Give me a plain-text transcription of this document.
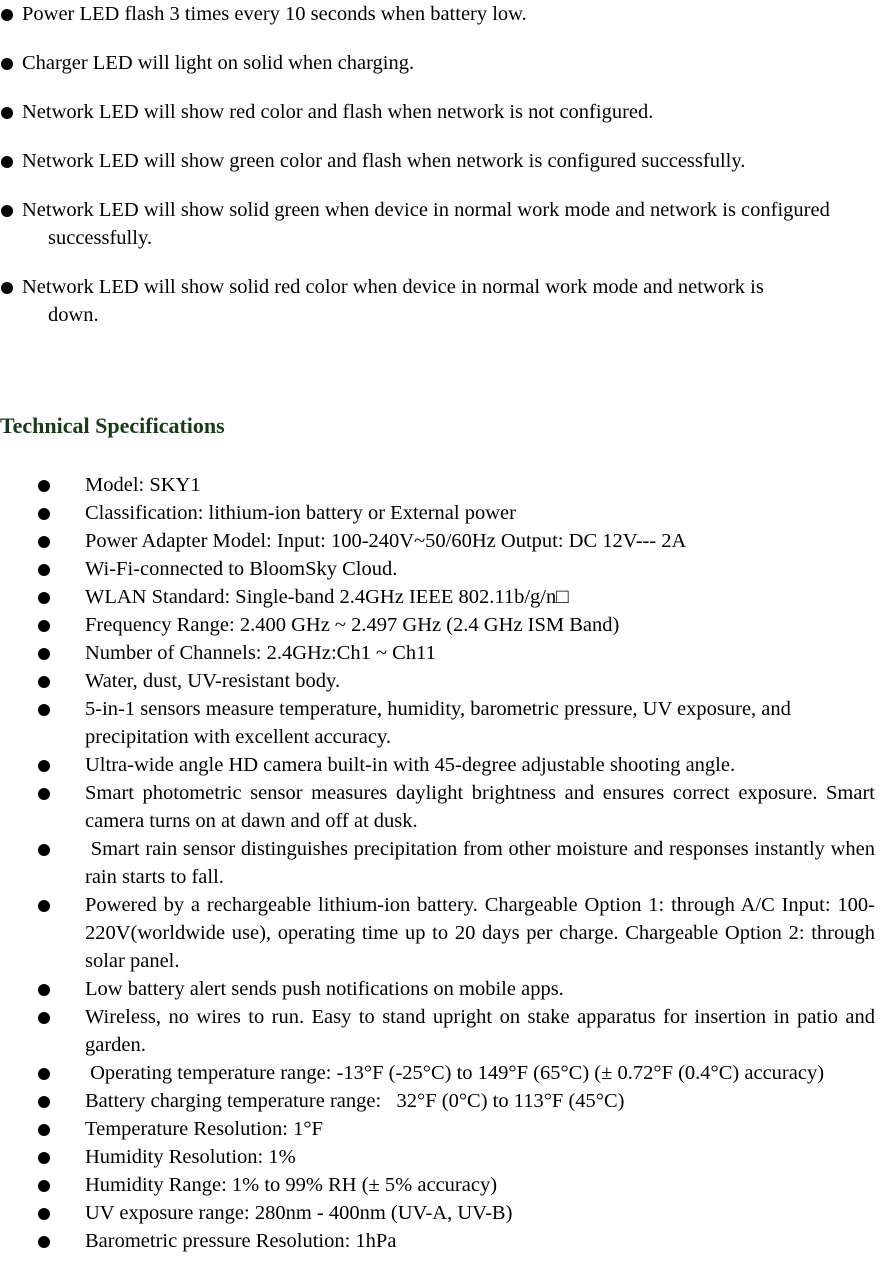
Power LED flash 3 times every 10 seconds when battery low.
Charger LED will light on solid when charging.
Network LED will show red color and flash when network is not configured.
Network LED will show green color and flash when network is configured successfully.
Network LED will show solid green when device in normal work mode and network is configured successfully.
Network LED will show solid red color when device in normal work mode and network is down.
Technical Specifications
Model: SKY1
Classification: lithium-ion battery or External power
Power Adapter Model: Input: 100-240V~50/60Hz Output: DC 12V--- 2A
Wi-Fi-connected to BloomSky Cloud.
WLAN Standard: Single-band 2.4GHz IEEE 802.11b/g/n□
Frequency Range: 2.400 GHz ~ 2.497 GHz (2.4 GHz ISM Band)
Number of Channels: 2.4GHz:Ch1 ~ Ch11
Water, dust, UV-resistant body.
5-in-1 sensors measure temperature, humidity, barometric pressure, UV exposure, and precipitation with excellent accuracy.
Ultra-wide angle HD camera built-in with 45-degree adjustable shooting angle.
Smart photometric sensor measures daylight brightness and ensures correct exposure. Smart camera turns on at dawn and off at dusk.
Smart rain sensor distinguishes precipitation from other moisture and responses instantly when rain starts to fall.
Powered by a rechargeable lithium-ion battery. Chargeable Option 1: through A/C Input: 100-220V(worldwide use), operating time up to 20 days per charge. Chargeable Option 2: through solar panel.
Low battery alert sends push notifications on mobile apps.
Wireless, no wires to run. Easy to stand upright on stake apparatus for insertion in patio and garden.
Operating temperature range: -13°F (-25°C) to 149°F (65°C) (± 0.72°F (0.4°C) accuracy)
Battery charging temperature range:   32°F (0°C) to 113°F (45°C)
Temperature Resolution: 1°F
Humidity Resolution: 1%
Humidity Range: 1% to 99% RH (± 5% accuracy)
UV exposure range: 280nm - 400nm (UV-A, UV-B)
Barometric pressure Resolution: 1hPa
